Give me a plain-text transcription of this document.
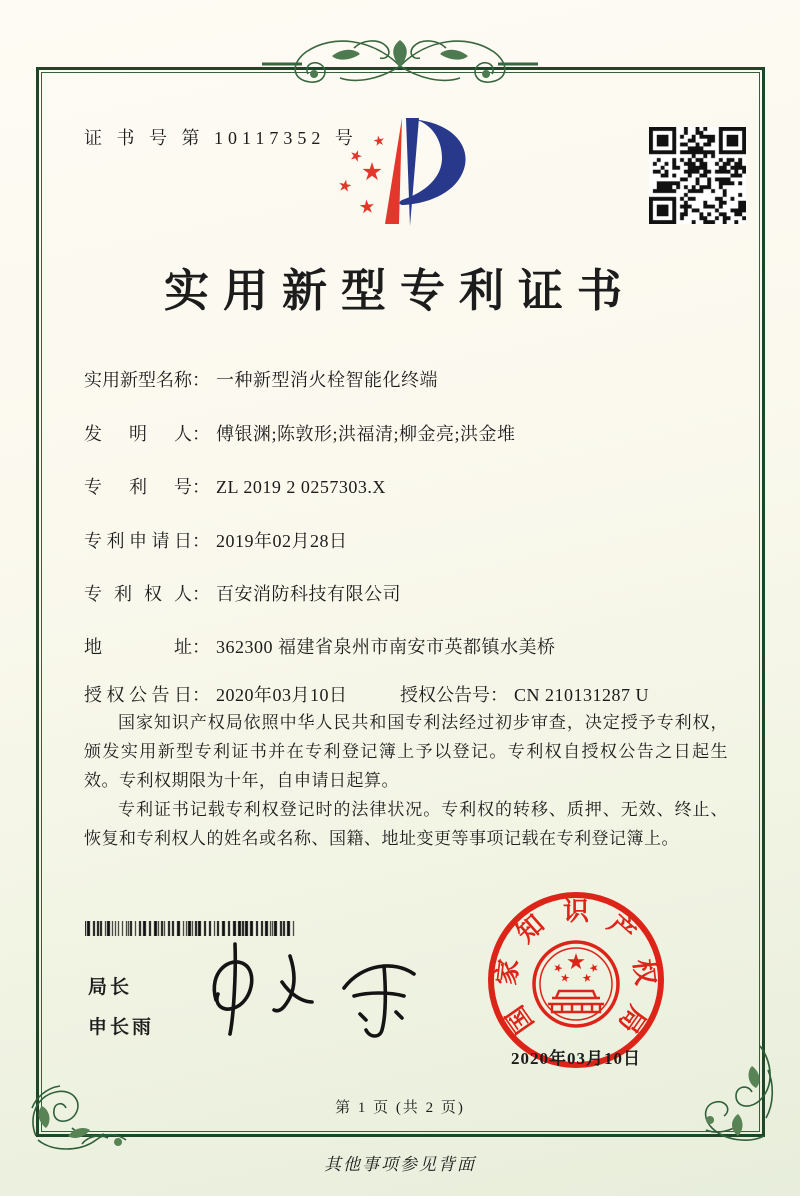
证 书 号 第 10117352 号
实用新型专利证书
实用新型名称： 一种新型消火栓智能化终端
发明人： 傅银渊;陈敦形;洪福清;柳金亮;洪金堆
专利号： ZL 2019 2 0257303.X
专利申请日： 2019年02月28日
专利权人： 百安消防科技有限公司
地址： 362300 福建省泉州市南安市英都镇水美桥
授权公告日： 2020年03月10日	授权公告号： CN 210131287 U

国家知识产权局依照中华人民共和国专利法经过初步审查，决定授予专利权，颁发实用新型专利证书并在专利登记簿上予以登记。专利权自授权公告之日起生效。专利权期限为十年，自申请日起算。

专利证书记载专利权登记时的法律状况。专利权的转移、质押、无效、终止、恢复和专利权人的姓名或名称、国籍、地址变更等事项记载在专利登记簿上。

局长
申长雨	国
家
知 识 产
权
局
2020年03月10日
第 1 页 (共 2 页)
其他事项参见背面
